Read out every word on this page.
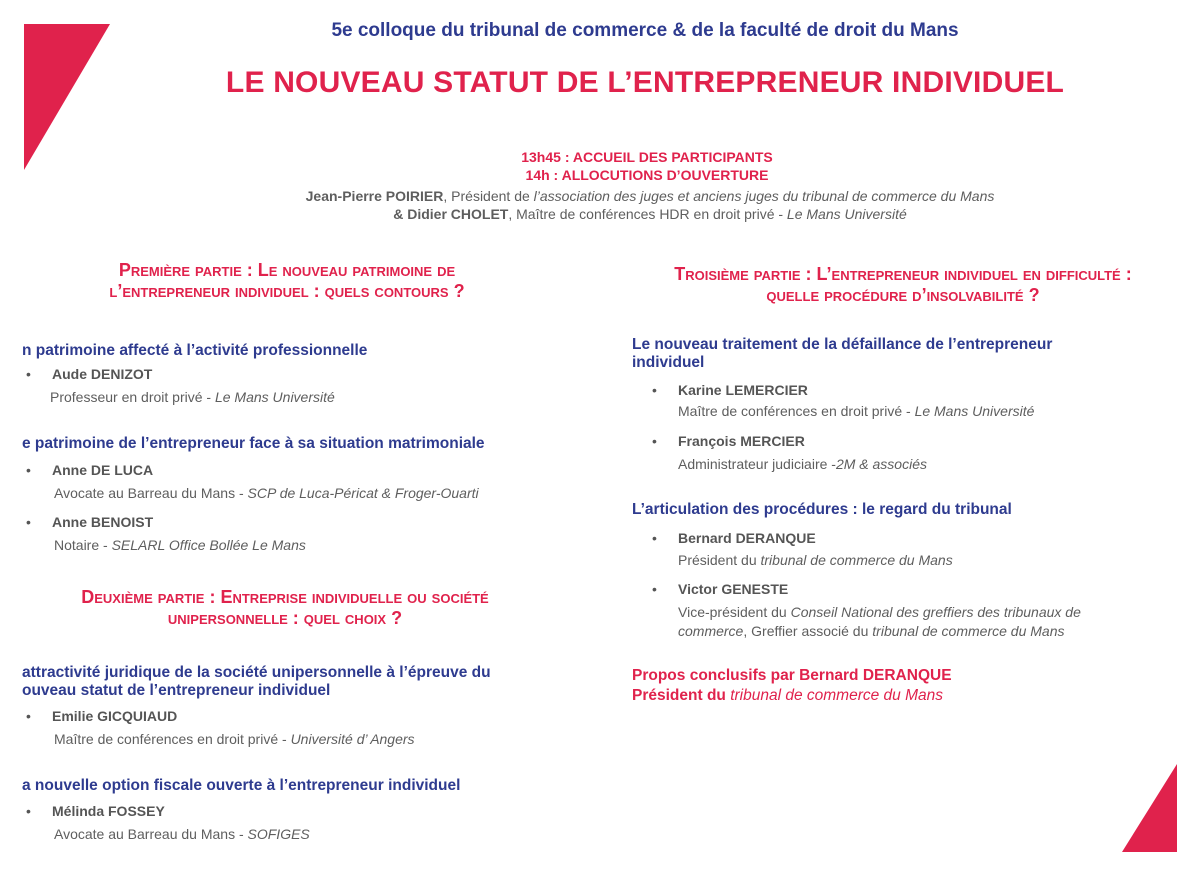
5e colloque du tribunal de commerce & de la faculté de droit du Mans
LE NOUVEAU STATUT DE L’ENTREPRENEUR INDIVIDUEL
13h45 : ACCUEIL DES PARTICIPANTS
14h : ALLOCUTIONS D’OUVERTURE
Jean-Pierre POIRIER, Président de l’association des juges et anciens juges du tribunal de commerce du Mans
& Didier CHOLET, Maître de conférences HDR en droit privé - Le Mans Université
Première partie : Le nouveau patrimoine de
l’entrepreneur individuel : quels contours ?
n patrimoine affecté à l’activité professionnelle
• Aude DENIZOT
Professeur en droit privé - Le Mans Université
e patrimoine de l’entrepreneur face à sa situation matrimoniale
• Anne DE LUCA
Avocate au Barreau du Mans - SCP de Luca-Péricat & Froger-Ouarti
• Anne BENOIST
Notaire - SELARL Office Bollée Le Mans
Deuxième partie : Entreprise individuelle ou société
unipersonnelle : quel choix ?
attractivité juridique de la société unipersonnelle à l’épreuve du
ouveau statut de l’entrepreneur individuel
• Emilie GICQUIAUD
Maître de conférences en droit privé - Université d’ Angers
a nouvelle option fiscale ouverte à l’entrepreneur individuel
• Mélinda FOSSEY
Avocate au Barreau du Mans - SOFIGES
Troisième partie : L’entrepreneur individuel en difficulté :
quelle procédure d’insolvabilité ?
Le nouveau traitement de la défaillance de l’entrepreneur
individuel
• Karine LEMERCIER
Maître de conférences en droit privé - Le Mans Université
• François MERCIER
Administrateur judiciaire -2M & associés
L’articulation des procédures : le regard du tribunal
• Bernard DERANQUE
Président du tribunal de commerce du Mans
• Victor GENESTE
Vice-président du Conseil National des greffiers des tribunaux de
commerce, Greffier associé du tribunal de commerce du Mans
Propos conclusifs par Bernard DERANQUE
Président du tribunal de commerce du Mans
